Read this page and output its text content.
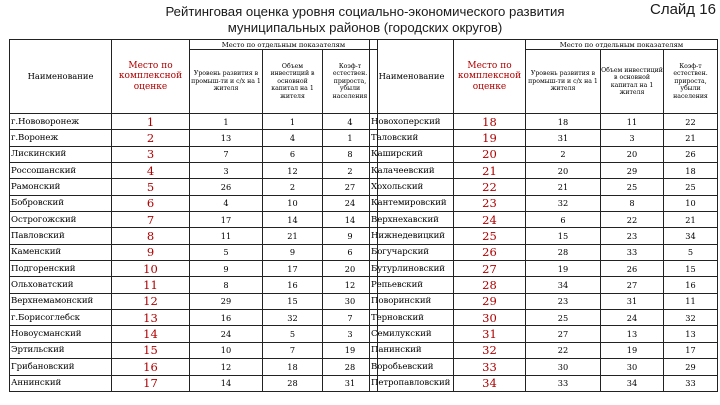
Рейтинговая оценка уровня социально-экономического развития муниципальных районов (городских округов)
Слайд 16
Наименование	Место по комплексной оценке	Место по отдельным показателям		
		Уровень развития в промыш-ти и с/х на 1 жителя	Объем инвестиций в основной капитал на 1 жителя	Коэф-т естествен. прироста, убыли населения
г.Нововоронеж	1	1	1	4
г.Воронеж	2	13	4	1
Лискинский	3	7	6	8
Россошанский	4	3	12	2
Рамонский	5	26	2	27
Бобровский	6	4	10	24
Острогожский	7	17	14	14
Павловский	8	11	21	9
Каменский	9	5	9	6
Подгоренский	10	9	17	20
Ольховатский	11	8	16	12
Верхнемамонский	12	29	15	30
г.Борисоглебск	13	16	32	7
Новоусманский	14	24	5	3
Эртильский	15	10	7	19
Грибановский	16	12	18	28
Аннинский	17	14	28	31
Наименование	Место по комплексной оценке	Место по отдельным показателям		
		Уровень развития в промыш-ти и с/х на 1 жителя	Объем инвестиций в основной капитал на 1 жителя	Коэф-т естествен. прироста, убыли населения
Новохоперский	18	18	11	22
Таловский	19	31	3	21
Каширский	20	2	20	26
Калачеевский	21	20	29	18
Хохольский	22	21	25	25
Кантемировский	23	32	8	10
Верхнехавский	24	6	22	21
Нижнедевицкий	25	15	23	34
Богучарский	26	28	33	5
Бутурлиновский	27	19	26	15
Репьевский	28	34	27	16
Поворинский	29	23	31	11
Терновский	30	25	24	32
Семилукский	31	27	13	13
Панинский	32	22	19	17
Воробьевский	33	30	30	29
Петропавловский	34	33	34	33
